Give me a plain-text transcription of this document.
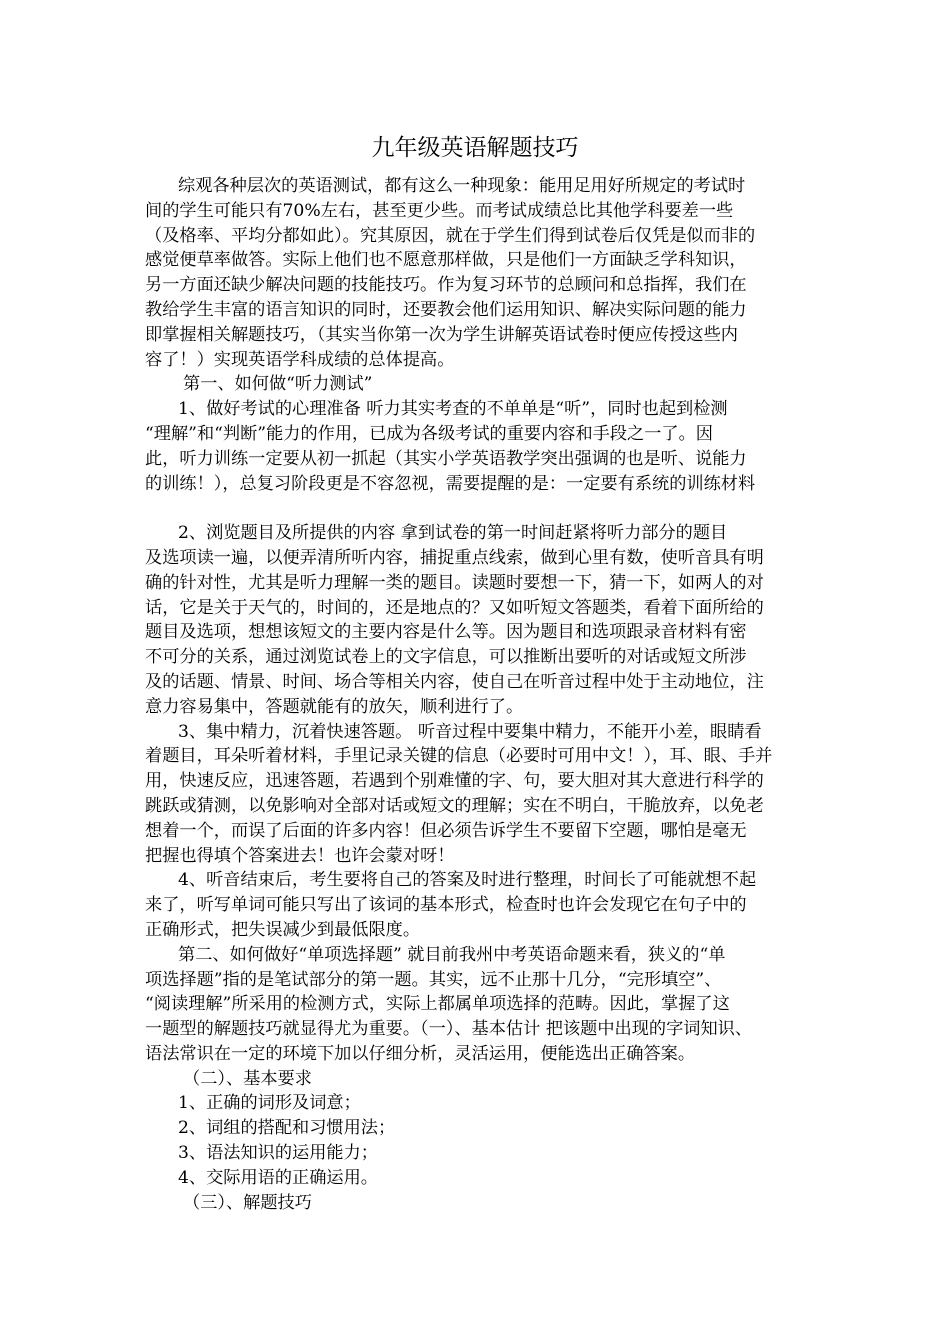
九年级英语解题技巧

综观各种层次的英语测试，都有这么一种现象：能用足用好所规定的考试时

间的学生可能只有70%左右，甚至更少些。而考试成绩总比其他学科要差一些

（及格率、平均分都如此）。究其原因，就在于学生们得到试卷后仅凭是似而非的

感觉便草率做答。实际上他们也不愿意那样做，只是他们一方面缺乏学科知识，

另一方面还缺少解决问题的技能技巧。作为复习环节的总顾问和总指挥，我们在

教给学生丰富的语言知识的同时，还要教会他们运用知识、解决实际问题的能力

即掌握相关解题技巧，（其实当你第一次为学生讲解英语试卷时便应传授这些内

容了！）实现英语学科成绩的总体提高。

第一、如何做“听力测试”

1、做好考试的心理准备 听力其实考查的不单单是“听”，同时也起到检测

“理解”和“判断”能力的作用，已成为各级考试的重要内容和手段之一了。因

此，听力训练一定要从初一抓起（其实小学英语教学突出强调的也是听、说能力

的训练！），总复习阶段更是不容忽视，需要提醒的是：一定要有系统的训练材料

2、浏览题目及所提供的内容 拿到试卷的第一时间赶紧将听力部分的题目

及选项读一遍，以便弄清所听内容，捕捉重点线索，做到心里有数，使听音具有明

确的针对性，尤其是听力理解一类的题目。读题时要想一下，猜一下，如两人的对

话，它是关于天气的，时间的，还是地点的？又如听短文答题类，看着下面所给的

题目及选项，想想该短文的主要内容是什么等。因为题目和选项跟录音材料有密

不可分的关系，通过浏览试卷上的文字信息，可以推断出要听的对话或短文所涉

及的话题、情景、时间、场合等相关内容，使自己在听音过程中处于主动地位，注

意力容易集中，答题就能有的放矢，顺利进行了。

3、集中精力，沉着快速答题。 听音过程中要集中精力，不能开小差，眼睛看

着题目，耳朵听着材料，手里记录关键的信息（必要时可用中文！），耳、眼、手并

用，快速反应，迅速答题，若遇到个别难懂的字、句，要大胆对其大意进行科学的

跳跃或猜测，以免影响对全部对话或短文的理解；实在不明白，干脆放弃，以免老

想着一个，而误了后面的许多内容！但必须告诉学生不要留下空题，哪怕是毫无

把握也得填个答案进去！也许会蒙对呀！

4、听音结束后，考生要将自己的答案及时进行整理，时间长了可能就想不起

来了，听写单词可能只写出了该词的基本形式，检查时也许会发现它在句子中的

正确形式，把失误减少到最低限度。

第二、如何做好“单项选择题” 就目前我州中考英语命题来看，狭义的“单

项选择题”指的是笔试部分的第一题。其实，远不止那十几分，“完形填空”、

“阅读理解”所采用的检测方式，实际上都属单项选择的范畴。因此，掌握了这

一题型的解题技巧就显得尤为重要。（一）、基本估计 把该题中出现的字词知识、

语法常识在一定的环境下加以仔细分析，灵活运用，便能选出正确答案。

（二）、基本要求

1、正确的词形及词意；

2、词组的搭配和习惯用法；

3、语法知识的运用能力；

4、交际用语的正确运用。

（三）、解题技巧
